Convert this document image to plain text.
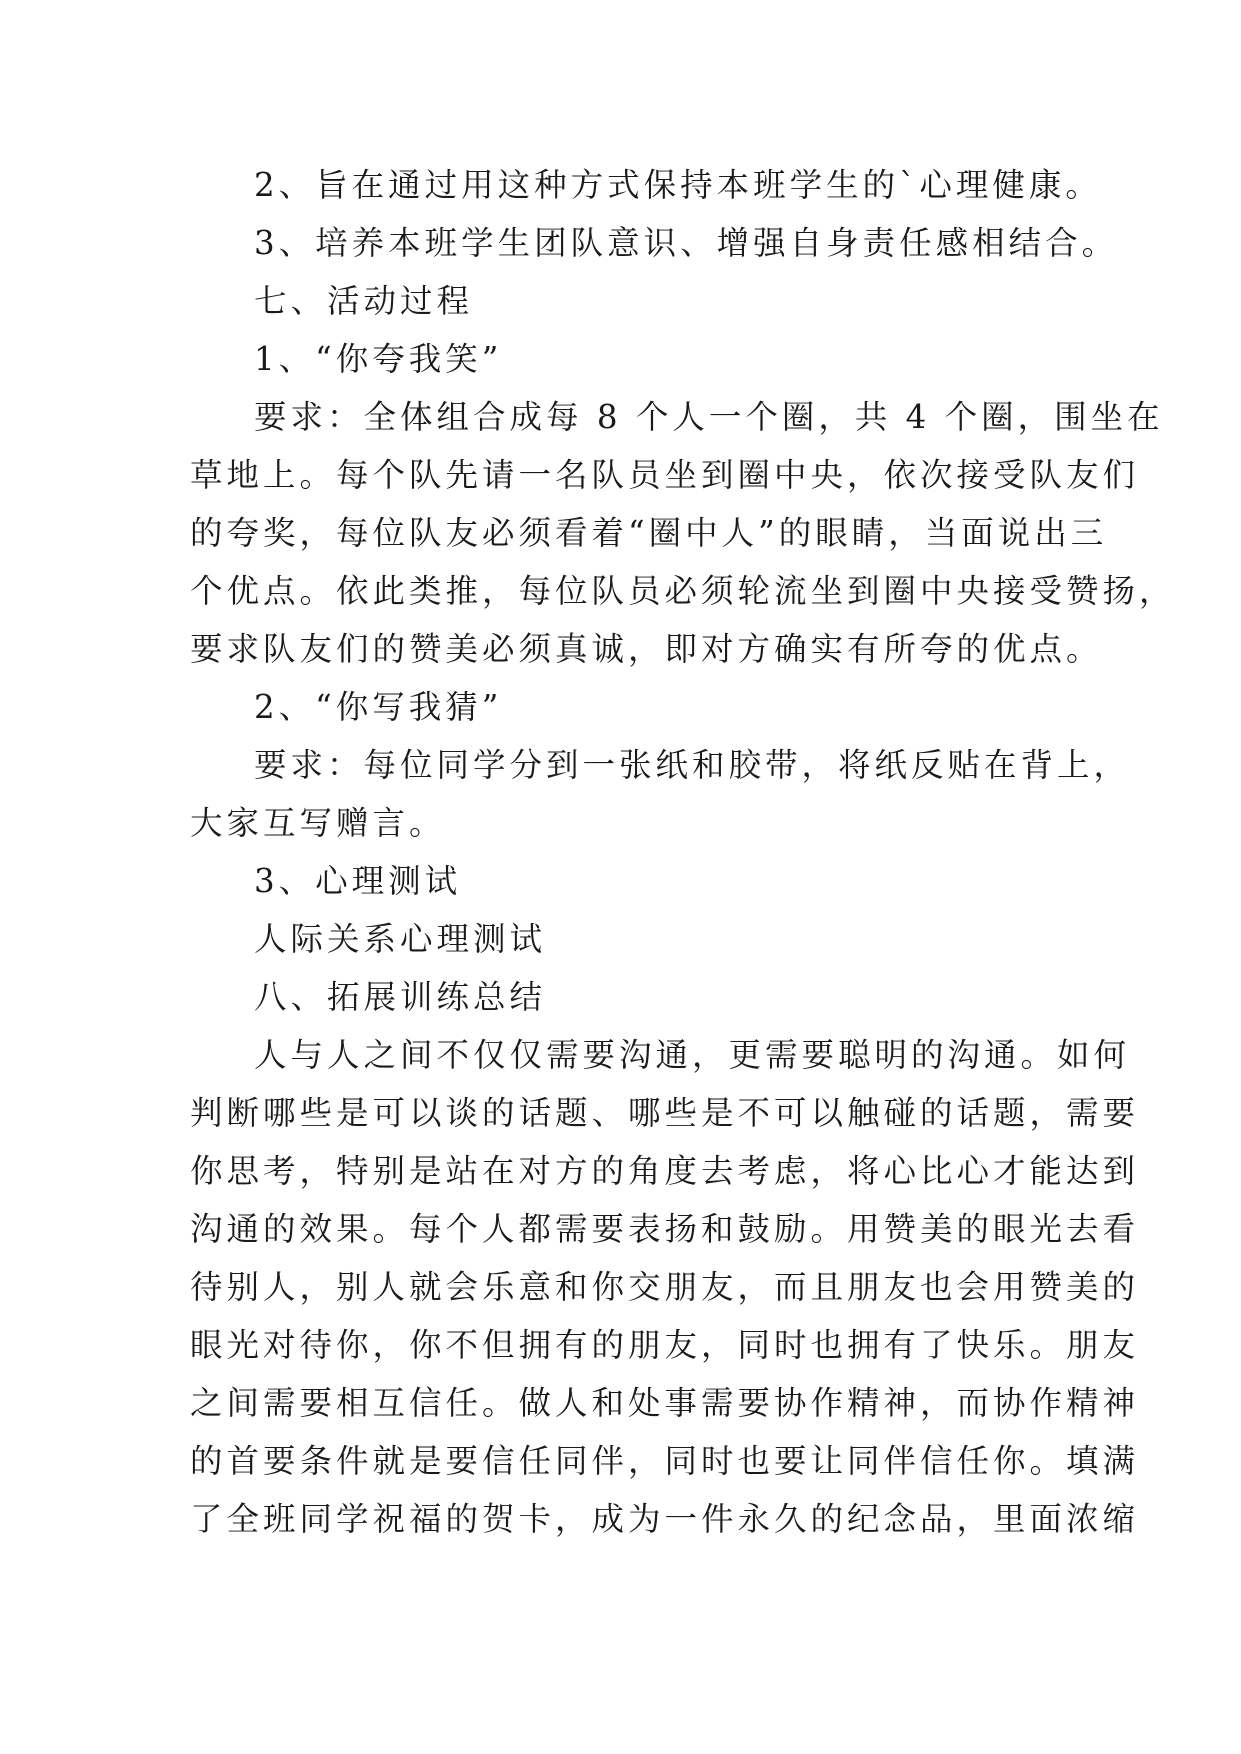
2、旨在通过用这种方式保持本班学生的`心理健康。
3、培养本班学生团队意识、增强自身责任感相结合。
七、活动过程
1、“你夸我笑”
要求：全体组合成每 8 个人一个圈，共 4 个圈，围坐在
草地上。每个队先请一名队员坐到圈中央，依次接受队友们
的夸奖，每位队友必须看着“圈中人”的眼睛，当面说出三
个优点。依此类推，每位队员必须轮流坐到圈中央接受赞扬，
要求队友们的赞美必须真诚，即对方确实有所夸的优点。
2、“你写我猜”
要求：每位同学分到一张纸和胶带，将纸反贴在背上，
大家互写赠言。
3、心理测试
人际关系心理测试
八、拓展训练总结
人与人之间不仅仅需要沟通，更需要聪明的沟通。如何
判断哪些是可以谈的话题、哪些是不可以触碰的话题，需要
你思考，特别是站在对方的角度去考虑，将心比心才能达到
沟通的效果。每个人都需要表扬和鼓励。用赞美的眼光去看
待别人，别人就会乐意和你交朋友，而且朋友也会用赞美的
眼光对待你，你不但拥有的朋友，同时也拥有了快乐。朋友
之间需要相互信任。做人和处事需要协作精神，而协作精神
的首要条件就是要信任同伴，同时也要让同伴信任你。填满
了全班同学祝福的贺卡，成为一件永久的纪念品，里面浓缩
